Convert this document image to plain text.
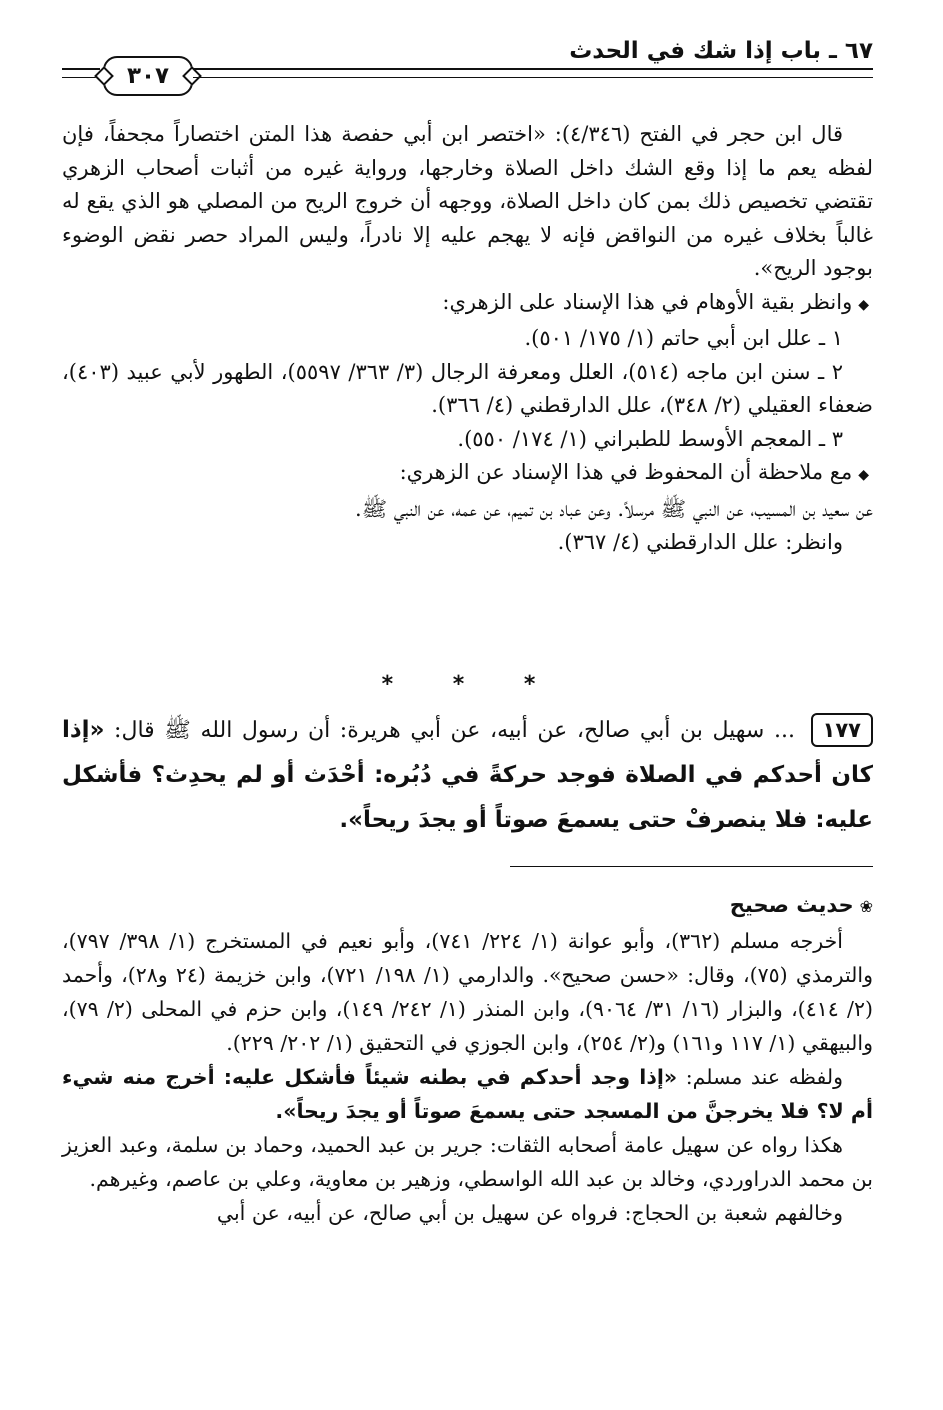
٦٧ ـ باب إذا شك في الحدث
٣٠٧

قال ابن حجر في الفتح (٤/٣٤٦): «اختصر ابن أبي حفصة هذا المتن اختصاراً مجحفاً، فإن لفظه يعم ما إذا وقع الشك داخل الصلاة وخارجها، ورواية غيره من أثبات أصحاب الزهري تقتضي تخصيص ذلك بمن كان داخل الصلاة، ووجهه أن خروج الريح من المصلي هو الذي يقع له غالباً بخلاف غيره من النواقض فإنه لا يهجم عليه إلا نادراً، وليس المراد حصر نقض الوضوء بوجود الريح».

◆وانظر بقية الأوهام في هذا الإسناد على الزهري:

١ ـ علل ابن أبي حاتم (١/ ١٧٥/ ٥٠١).

٢ ـ سنن ابن ماجه (٥١٤)، العلل ومعرفة الرجال (٣/ ٣٦٣/ ٥٥٩٧)، الطهور لأبي عبيد (٤٠٣)، ضعفاء العقيلي (٢/ ٣٤٨)، علل الدارقطني (٤/ ٣٦٦).

٣ ـ المعجم الأوسط للطبراني (١/ ١٧٤/ ٥٥٠).

◆مع ملاحظة أن المحفوظ في هذا الإسناد عن الزهري:

عن سعيد بن المسيب، عن النبي ﷺ مرسلاً. وعن عباد بن تميم، عن عمه، عن النبي ﷺ.

وانظر: علل الدارقطني (٤/ ٣٦٧).

* * *
١٧٧ ... سهيل بن أبي صالح، عن أبيه، عن أبي هريرة: أن رسول الله ﷺ قال: «إذا كان أحدكم في الصلاة فوجد حركةً في دُبُره: أحْدَث أو لم يحدِث؟ فأشكل عليه: فلا ينصرفْ حتى يسمعَ صوتاً أو يجدَ ريحاً».

❀حديث صحيح

أخرجه مسلم (٣٦٢)، وأبو عوانة (١/ ٢٢٤/ ٧٤١)، وأبو نعيم في المستخرج (١/ ٣٩٨/ ٧٩٧)، والترمذي (٧٥)، وقال: «حسن صحيح». والدارمي (١/ ١٩٨/ ٧٢١)، وابن خزيمة (٢٤ و٢٨)، وأحمد (٢/ ٤١٤)، والبزار (١٦/ ٣١/ ٩٠٦٤)، وابن المنذر (١/ ٢٤٢/ ١٤٩)، وابن حزم في المحلى (٢/ ٧٩)، والبيهقي (١/ ١١٧ و١٦١) و(٢/ ٢٥٤)، وابن الجوزي في التحقيق (١/ ٢٠٢/ ٢٢٩).

ولفظه عند مسلم: «إذا وجد أحدكم في بطنه شيئاً فأشكل عليه: أخرج منه شيء أم لا؟ فلا يخرجنَّ من المسجد حتى يسمعَ صوتاً أو يجدَ ريحاً».

هكذا رواه عن سهيل عامة أصحابه الثقات: جرير بن عبد الحميد، وحماد بن سلمة، وعبد العزيز بن محمد الدراوردي، وخالد بن عبد الله الواسطي، وزهير بن معاوية، وعلي بن عاصم، وغيرهم.

وخالفهم شعبة بن الحجاج: فرواه عن سهيل بن أبي صالح، عن أبيه، عن أبي
